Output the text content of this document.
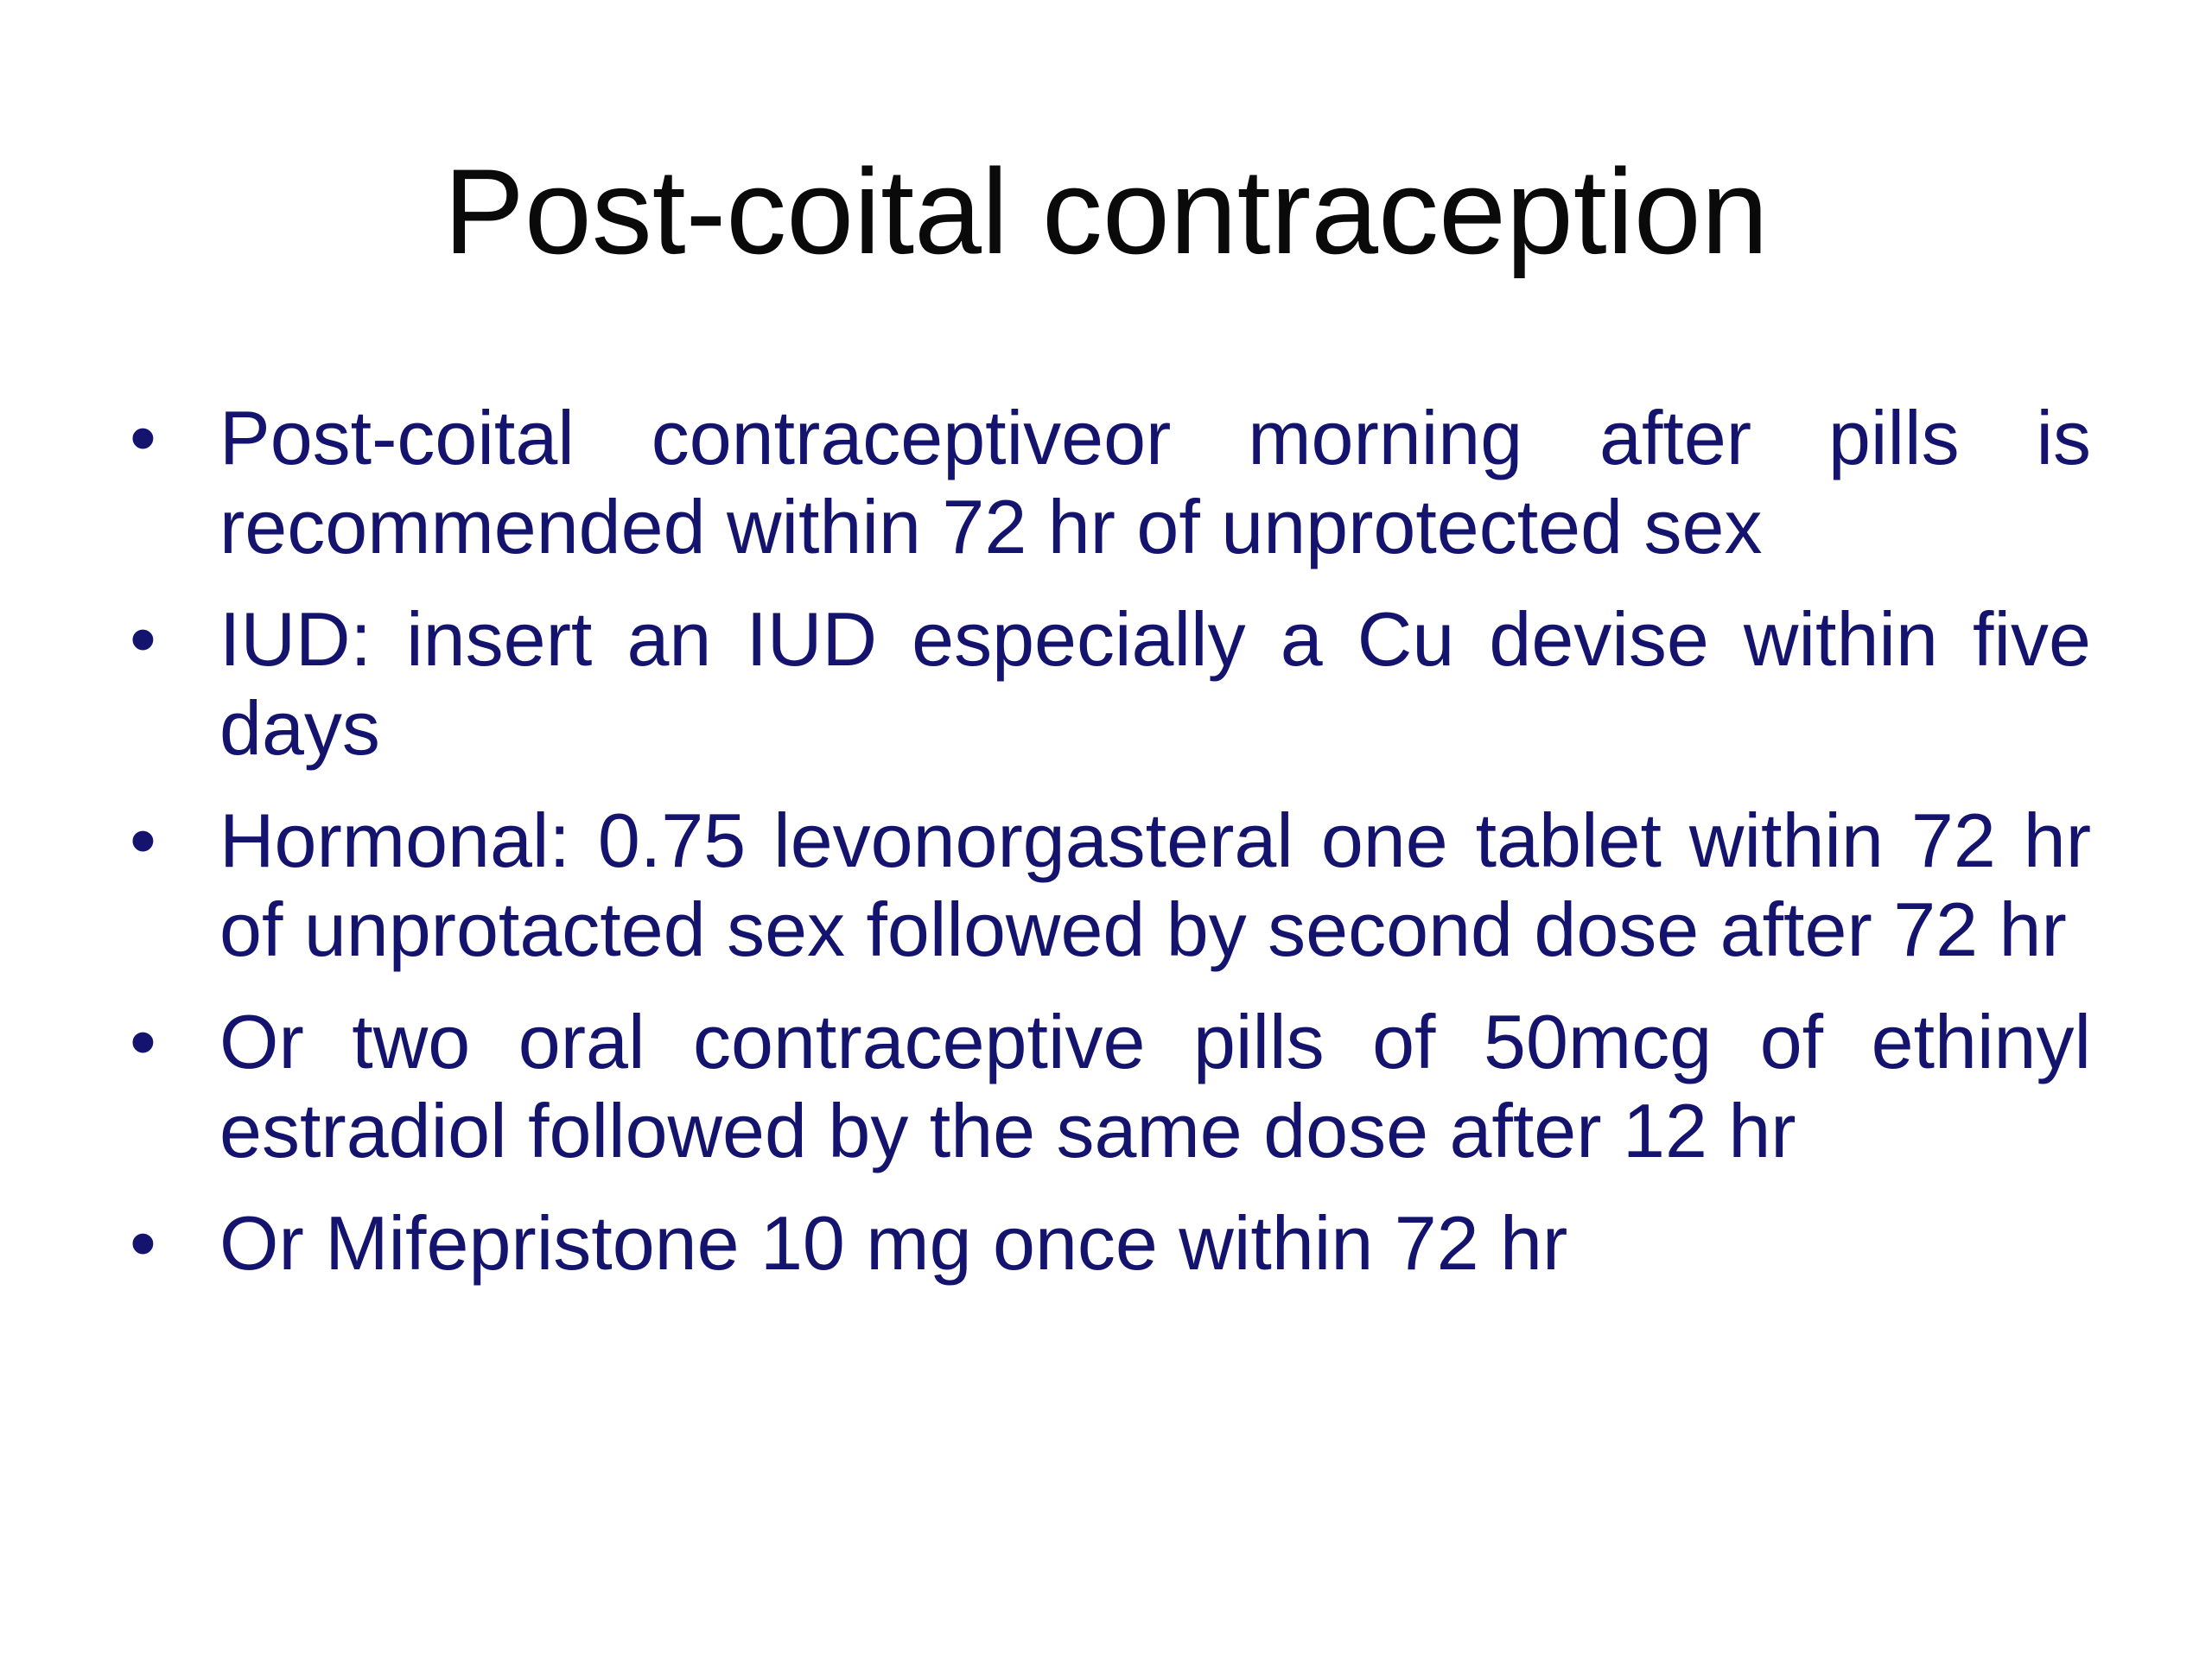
Post-coital contraception
• Post-coital contraceptiveor morning after pills is recommended within 72 hr of unprotected sex
• IUD: insert an IUD especially a Cu devise within five days
• Hormonal: 0.75 levonorgasteral one tablet within 72 hr of unprotacted sex followed by second dose after 72 hr
• Or two oral contraceptive pills of 50mcg of ethinyl estradiol followed by the same dose after 12 hr
• Or Mifepristone 10 mg once within 72 hr
